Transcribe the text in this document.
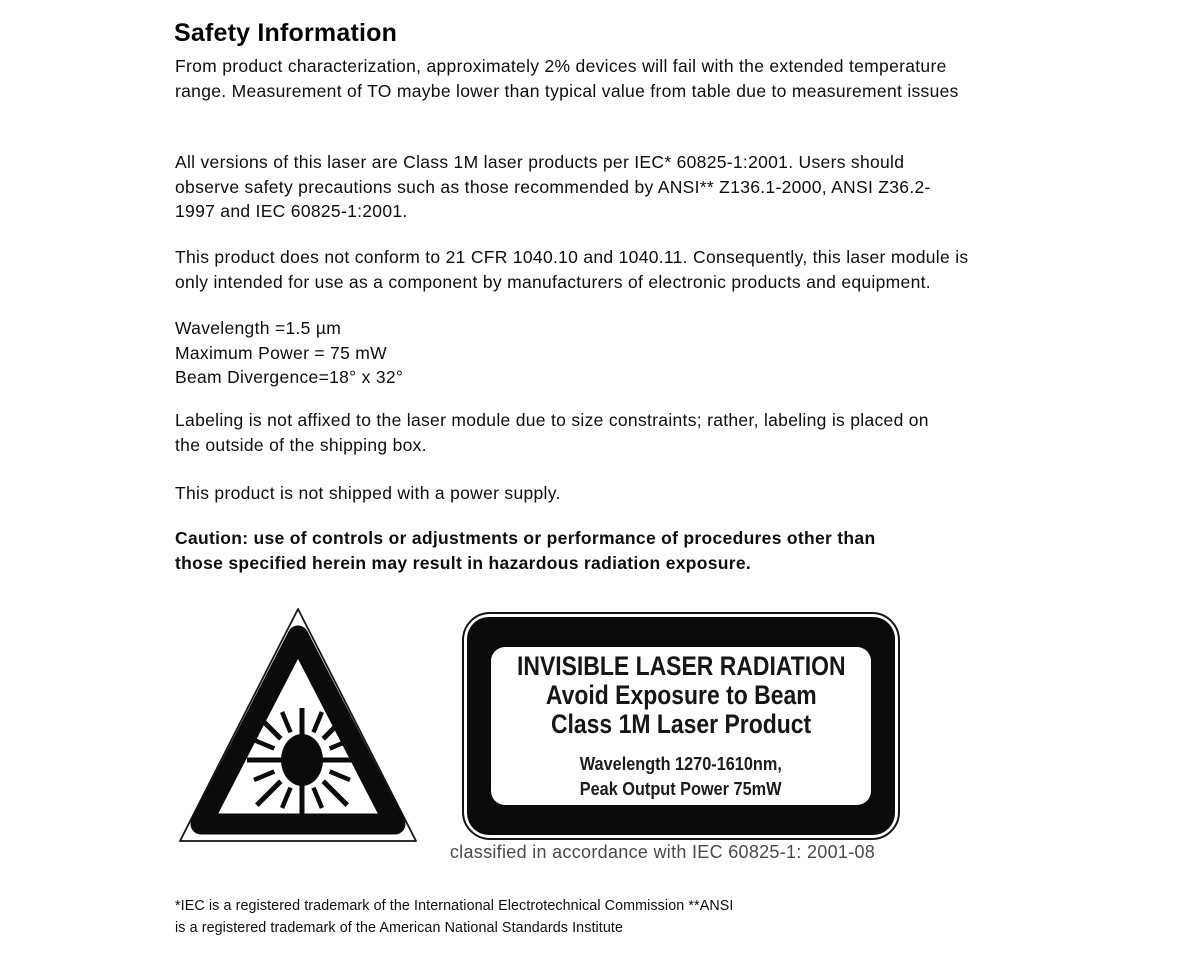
Safety Information
From product characterization, approximately 2% devices will fail with the extended temperature
range. Measurement of TO maybe lower than typical value from table due to measurement issues
All versions of this laser are Class 1M laser products per IEC* 60825-1:2001. Users should
observe safety precautions such as those recommended by ANSI** Z136.1-2000, ANSI Z36.2-
1997 and IEC 60825-1:2001.
This product does not conform to 21 CFR 1040.10 and 1040.11. Consequently, this laser module is
only intended for use as a component by manufacturers of electronic products and equipment.
Wavelength =1.5 µm
Maximum Power = 75 mW
Beam Divergence=18° x 32°
Labeling is not affixed to the laser module due to size constraints; rather, labeling is placed on
the outside of the shipping box.
This product is not shipped with a power supply.
Caution: use of controls or adjustments or performance of procedures other than
those specified herein may result in hazardous radiation exposure.
INVISIBLE LASER RADIATION
Avoid Exposure to Beam
Class 1M Laser Product
Wavelength 1270-1610nm,
Peak Output Power 75mW
classified in accordance with IEC 60825-1: 2001-08
*IEC is a registered trademark of the International Electrotechnical Commission **ANSI
is a registered trademark of the American National Standards Institute
